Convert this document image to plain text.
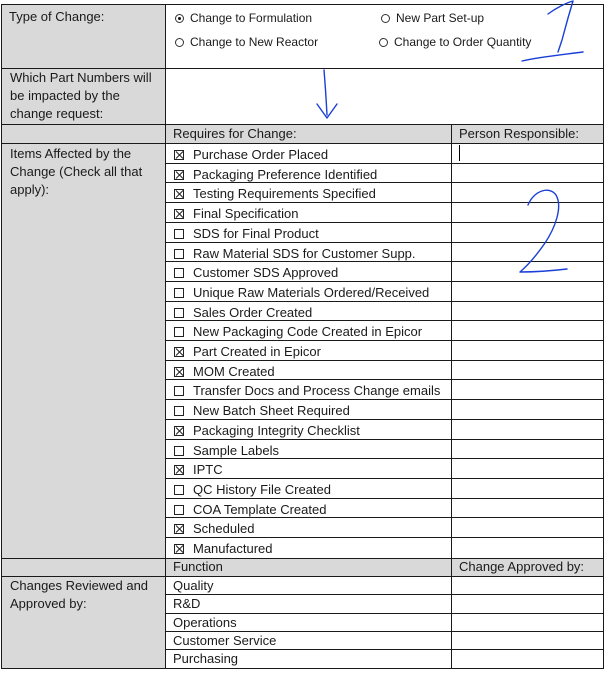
Type of Change:	Change to Formulation	New Part Set-up
Change to New Reactor	Change to Order Quantity
Which Part Numbers will be impacted by the change request:
Requires for Change:	Person Responsible:
Items Affected by the Change (Check all that apply):
Purchase Order Placed
Packaging Preference Identified
Testing Requirements Specified
Final Specification
SDS for Final Product
Raw Material SDS for Customer Supp.
Customer SDS Approved
Unique Raw Materials Ordered/Received
Sales Order Created
New Packaging Code Created in Epicor
Part Created in Epicor
MOM Created
Transfer Docs and Process Change emails
New Batch Sheet Required
Packaging Integrity Checklist
Sample Labels
IPTC
QC History File Created
COA Template Created
Scheduled
Manufactured
Function	Change Approved by:
Changes Reviewed and Approved by:
Quality
R&D
Operations
Customer Service
Purchasing
